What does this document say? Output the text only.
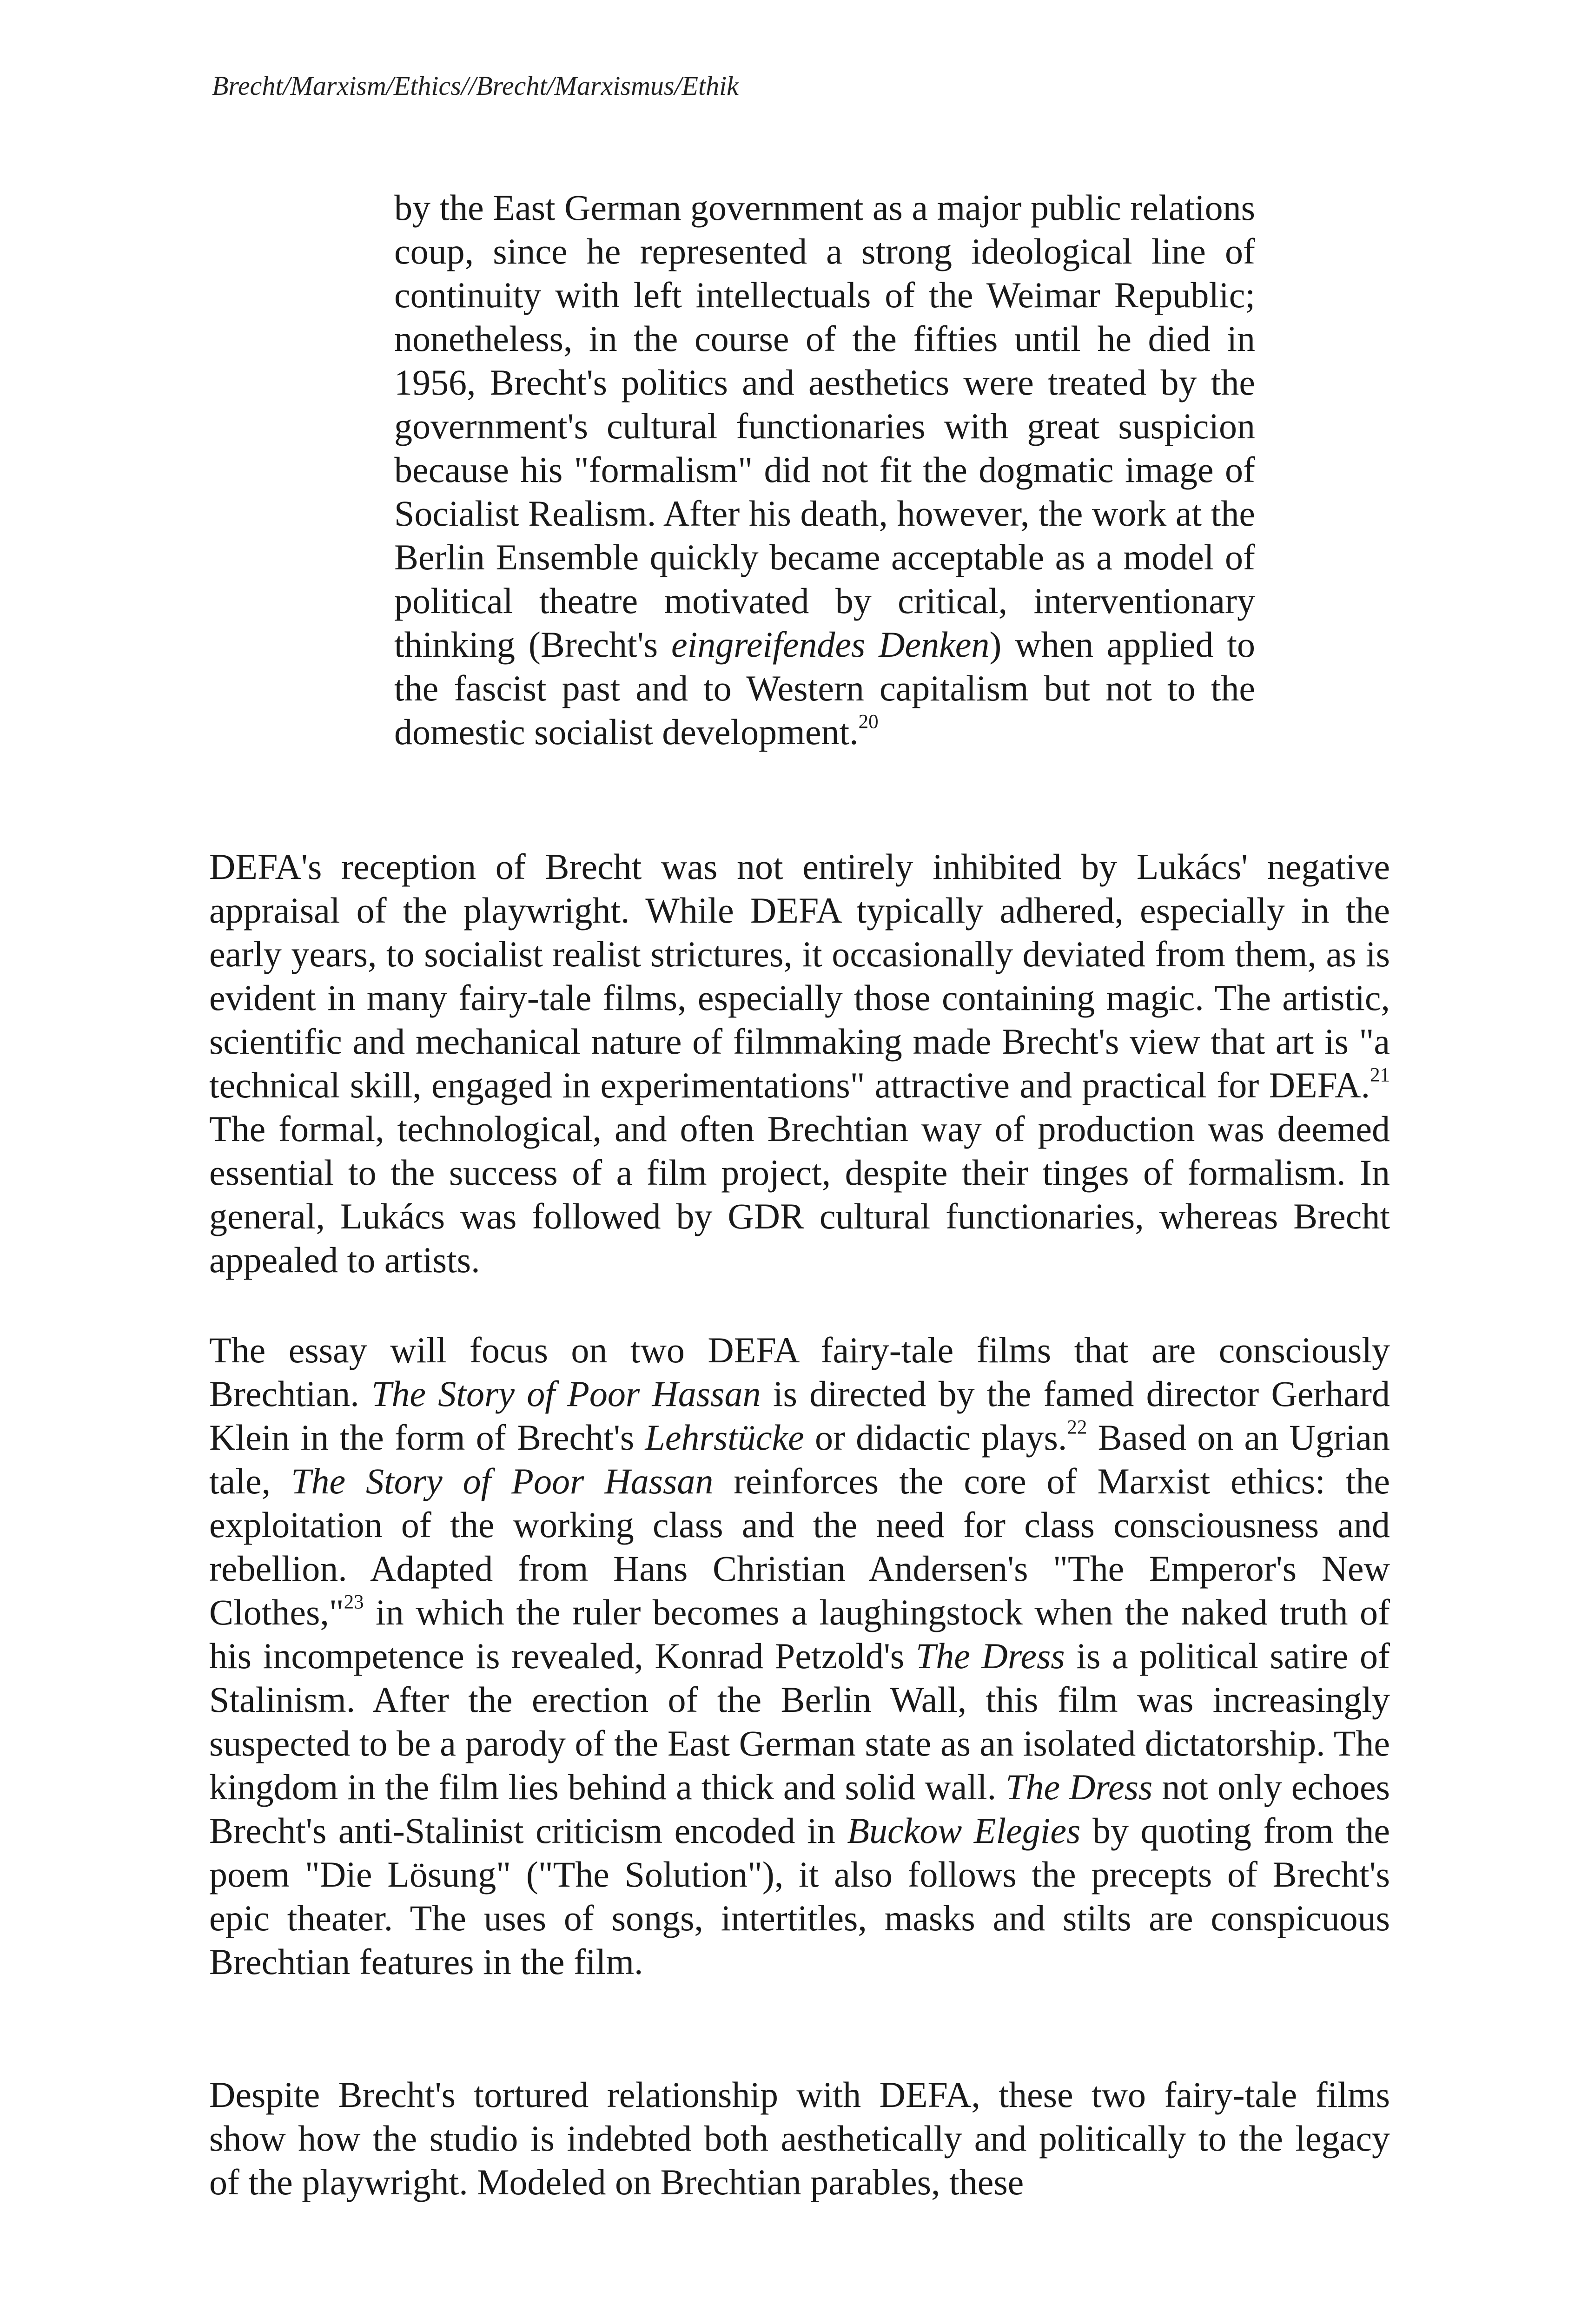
Brecht/Marxism/Ethics//Brecht/Marxismus/Ethik

by the East German government as a major public relations coup, since he represented a strong ideological line of continuity with left intellectuals of the Weimar Republic; nonetheless, in the course of the fifties until he died in 1956, Brecht's politics and aesthetics were treated by the government's cultural functionaries with great suspicion because his "formalism" did not fit the dogmatic image of Socialist Realism. After his death, however, the work at the Berlin Ensemble quickly became acceptable as a model of political theatre motivated by critical, interventionary thinking (Brecht's eingreifendes Denken) when applied to the fascist past and to Western capitalism but not to the domestic socialist development.$^{20}$

DEFA's reception of Brecht was not entirely inhibited by Lukács' negative appraisal of the playwright. While DEFA typically adhered, especially in the early years, to socialist realist strictures, it occasionally deviated from them, as is evident in many fairy-tale films, especially those containing magic. The artistic, scientific and mechanical nature of filmmaking made Brecht's view that art is "a technical skill, engaged in experimentations" attractive and practical for DEFA.$^{21}$ The formal, technological, and often Brechtian way of production was deemed essential to the success of a film project, despite their tinges of formalism. In general, Lukács was followed by GDR cultural functionaries, whereas Brecht appealed to artists.

The essay will focus on two DEFA fairy-tale films that are consciously Brechtian. The Story of Poor Hassan is directed by the famed director Gerhard Klein in the form of Brecht's Lehrstücke or didactic plays.$^{22}$ Based on an Ugrian tale, The Story of Poor Hassan reinforces the core of Marxist ethics: the exploitation of the working class and the need for class consciousness and rebellion. Adapted from Hans Christian Andersen's "The Emperor's New Clothes,"$^{23}$ in which the ruler becomes a laughingstock when the naked truth of his incompetence is revealed, Konrad Petzold's The Dress is a political satire of Stalinism. After the erection of the Berlin Wall, this film was increasingly suspected to be a parody of the East German state as an isolated dictatorship. The kingdom in the film lies behind a thick and solid wall. The Dress not only echoes Brecht's anti-Stalinist criticism encoded in Buckow Elegies by quoting from the poem "Die Lösung" ("The Solution"), it also follows the precepts of Brecht's epic theater. The uses of songs, intertitles, masks and stilts are conspicuous Brechtian features in the film.

Despite Brecht's tortured relationship with DEFA, these two fairy-tale films show how the studio is indebted both aesthetically and politically to the legacy of the playwright. Modeled on Brechtian parables, these
